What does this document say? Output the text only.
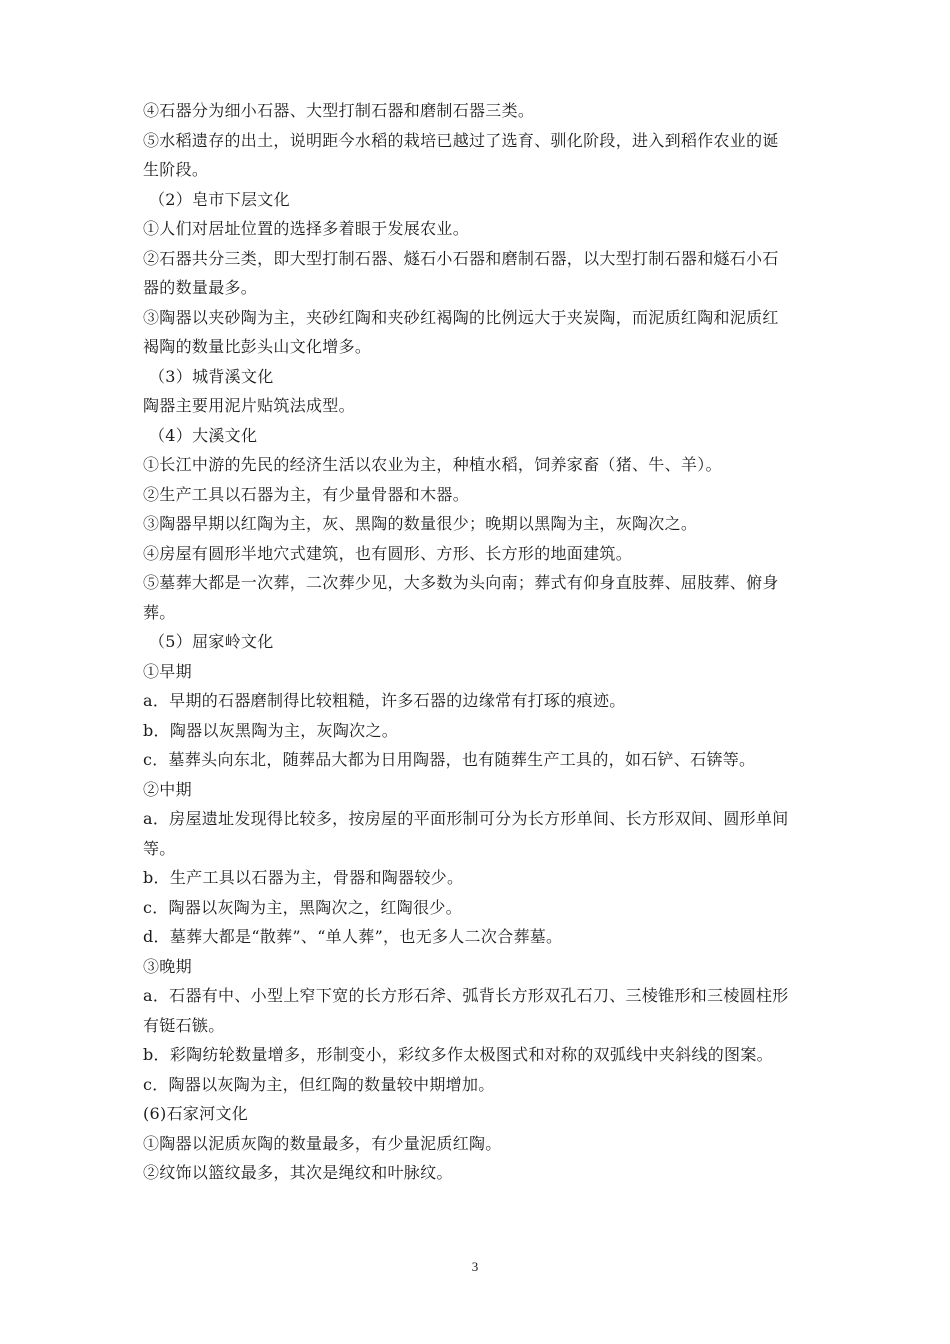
④石器分为细小石器、大型打制石器和磨制石器三类。
⑤水稻遗存的出土，说明距今水稻的栽培已越过了选育、驯化阶段，进入到稻作农业的诞
生阶段。
（2）皂市下层文化
①人们对居址位置的选择多着眼于发展农业。
②石器共分三类，即大型打制石器、燧石小石器和磨制石器，以大型打制石器和燧石小石
器的数量最多。
③陶器以夹砂陶为主，夹砂红陶和夹砂红褐陶的比例远大于夹炭陶，而泥质红陶和泥质红
褐陶的数量比彭头山文化增多。
（3）城背溪文化
陶器主要用泥片贴筑法成型。
（4）大溪文化
①长江中游的先民的经济生活以农业为主，种植水稻，饲养家畜（猪、牛、羊）。
②生产工具以石器为主，有少量骨器和木器。
③陶器早期以红陶为主，灰、黑陶的数量很少；晚期以黑陶为主，灰陶次之。
④房屋有圆形半地穴式建筑，也有圆形、方形、长方形的地面建筑。
⑤墓葬大都是一次葬，二次葬少见，大多数为头向南；葬式有仰身直肢葬、屈肢葬、俯身
葬。
（5）屈家岭文化
①早期
a．早期的石器磨制得比较粗糙，许多石器的边缘常有打琢的痕迹。
b．陶器以灰黑陶为主，灰陶次之。
c．墓葬头向东北，随葬品大都为日用陶器，也有随葬生产工具的，如石铲、石锛等。
②中期
a．房屋遗址发现得比较多，按房屋的平面形制可分为长方形单间、长方形双间、圆形单间
等。
b．生产工具以石器为主，骨器和陶器较少。
c．陶器以灰陶为主，黑陶次之，红陶很少。
d．墓葬大都是“散葬”、“单人葬”，也无多人二次合葬墓。
③晚期
a．石器有中、小型上窄下宽的长方形石斧、弧背长方形双孔石刀、三棱锥形和三棱圆柱形
有铤石镞。
b．彩陶纺轮数量增多，形制变小，彩纹多作太极图式和对称的双弧线中夹斜线的图案。
c．陶器以灰陶为主，但红陶的数量较中期增加。
(6)石家河文化
①陶器以泥质灰陶的数量最多，有少量泥质红陶。
②纹饰以篮纹最多，其次是绳纹和叶脉纹。
3
